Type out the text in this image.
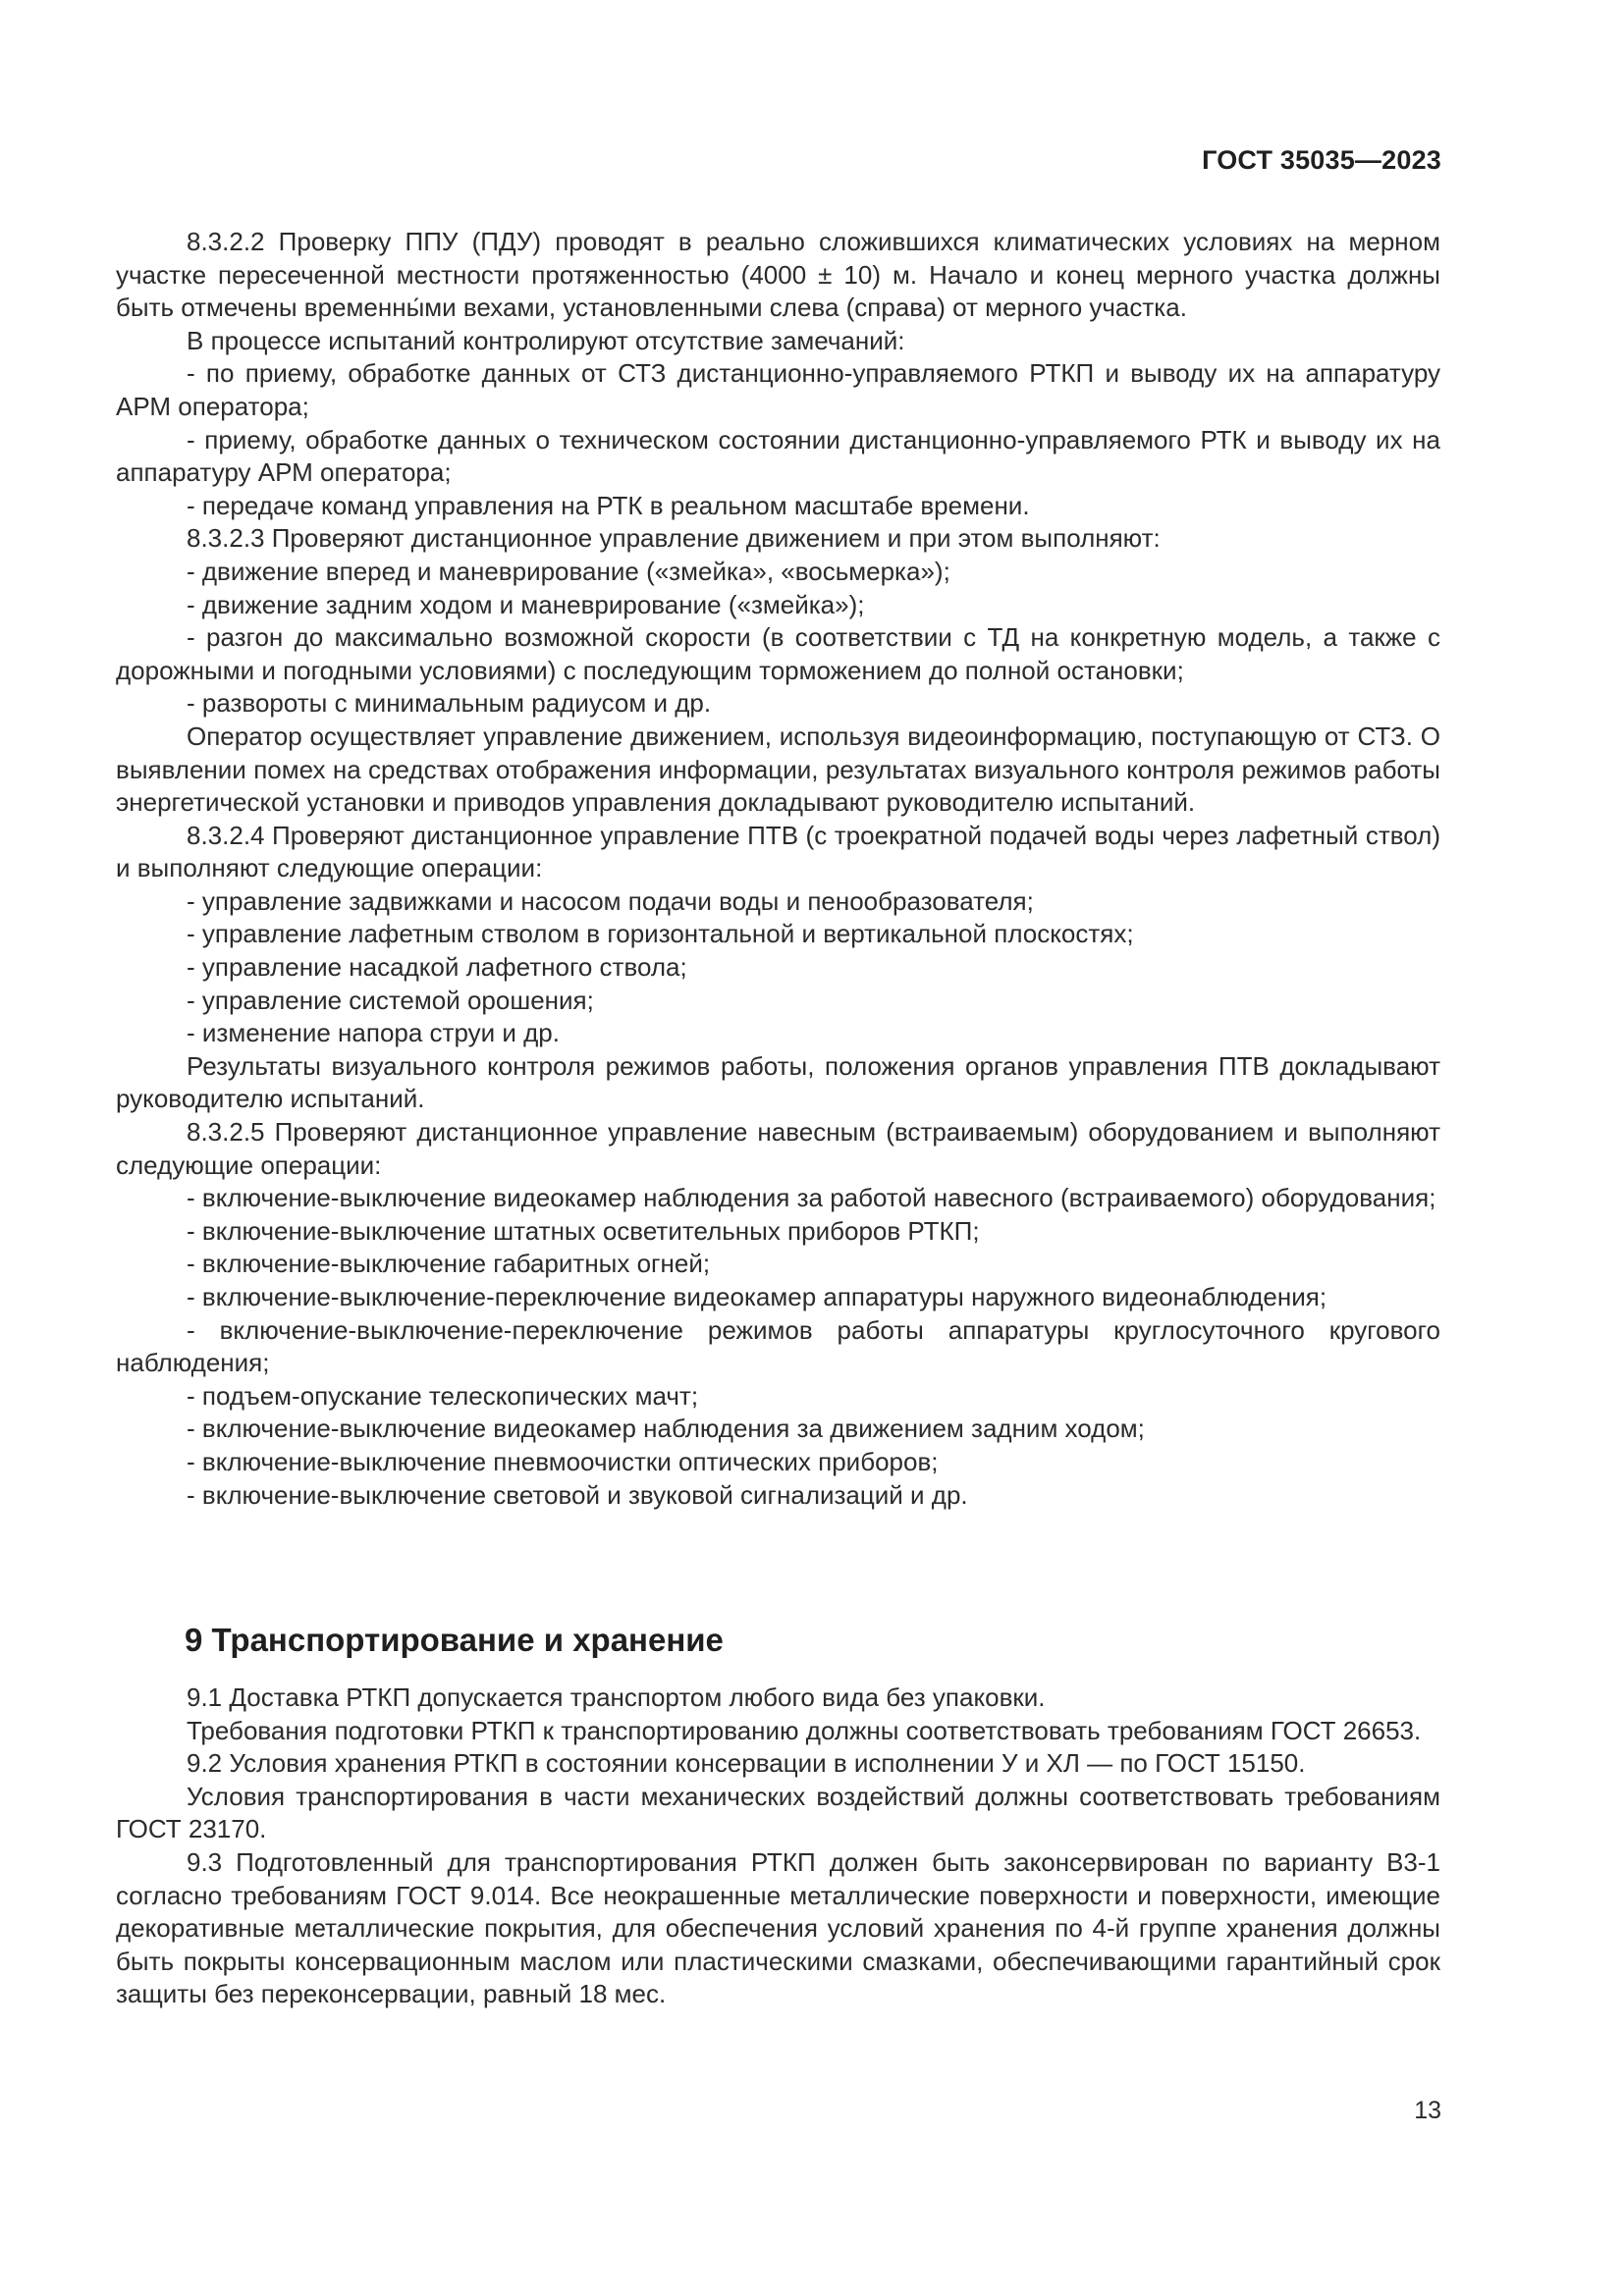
ГОСТ 35035—2023

8.3.2.2 Проверку ППУ (ПДУ) проводят в реально сложившихся климатических условиях на мерном участке пересеченной местности протяженностью (4000 ± 10) м. Начало и конец мерного участка должны быть отмечены временны́ми вехами, установленными слева (справа) от мерного участка.

В процессе испытаний контролируют отсутствие замечаний:

- по приему, обработке данных от СТЗ дистанционно-управляемого РТКП и выводу их на аппаратуру АРМ оператора;

- приему, обработке данных о техническом состоянии дистанционно-управляемого РТК и выводу их на аппаратуру АРМ оператора;

- передаче команд управления на РТК в реальном масштабе времени.

8.3.2.3 Проверяют дистанционное управление движением и при этом выполняют:

- движение вперед и маневрирование («змейка», «восьмерка»);

- движение задним ходом и маневрирование («змейка»);

- разгон до максимально возможной скорости (в соответствии с ТД на конкретную модель, а также с дорожными и погодными условиями) с последующим торможением до полной остановки;

- развороты с минимальным радиусом и др.

Оператор осуществляет управление движением, используя видеоинформацию, поступающую от СТЗ. О выявлении помех на средствах отображения информации, результатах визуального контроля режимов работы энергетической установки и приводов управления докладывают руководителю испытаний.

8.3.2.4 Проверяют дистанционное управление ПТВ (с троекратной подачей воды через лафетный ствол) и выполняют следующие операции:

- управление задвижками и насосом подачи воды и пенообразователя;

- управление лафетным стволом в горизонтальной и вертикальной плоскостях;

- управление насадкой лафетного ствола;

- управление системой орошения;

- изменение напора струи и др.

Результаты визуального контроля режимов работы, положения органов управления ПТВ докладывают руководителю испытаний.

8.3.2.5 Проверяют дистанционное управление навесным (встраиваемым) оборудованием и выполняют следующие операции:

- включение-выключение видеокамер наблюдения за работой навесного (встраиваемого) оборудования;

- включение-выключение штатных осветительных приборов РТКП;

- включение-выключение габаритных огней;

- включение-выключение-переключение видеокамер аппаратуры наружного видеонаблюдения;

- включение-выключение-переключение режимов работы аппаратуры круглосуточного кругового наблюдения;

- подъем-опускание телескопических мачт;

- включение-выключение видеокамер наблюдения за движением задним ходом;

- включение-выключение пневмоочистки оптических приборов;

- включение-выключение световой и звуковой сигнализаций и др.

9 Транспортирование и хранение

9.1 Доставка РТКП допускается транспортом любого вида без упаковки.

Требования подготовки РТКП к транспортированию должны соответствовать требованиям ГОСТ 26653.

9.2 Условия хранения РТКП в состоянии консервации в исполнении У и ХЛ — по ГОСТ 15150.

Условия транспортирования в части механических воздействий должны соответствовать требованиям ГОСТ 23170.

9.3 Подготовленный для транспортирования РТКП должен быть законсервирован по варианту В3-1 согласно требованиям ГОСТ 9.014. Все неокрашенные металлические поверхности и поверхности, имеющие декоративные металлические покрытия, для обеспечения условий хранения по 4-й группе хранения должны быть покрыты консервационным маслом или пластическими смазками, обеспечивающими гарантийный срок защиты без переконсервации, равный 18 мес.

13
